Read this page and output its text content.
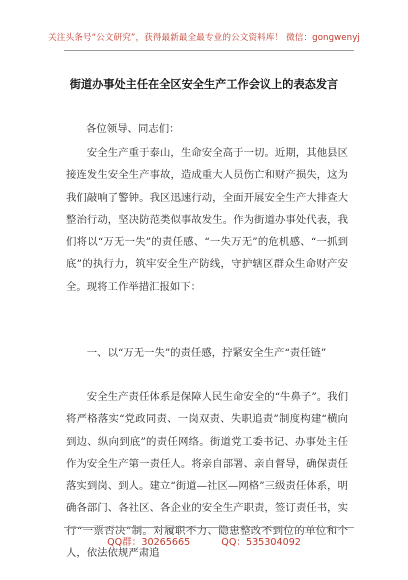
关注头条号“公文研究”，获得最新最全最专业的公文资料库！ 微信：gongwenyj
街道办事处主任在全区安全生产工作会议上的表态发言
各位领导、同志们：

安全生产重于泰山，生命安全高于一切。近期，其他县区接连发生安全生产事故，造成重大人员伤亡和财产损失，这为我们敲响了警钟。我区迅速行动，全面开展安全生产大排查大整治行动，坚决防范类似事故发生。作为街道办事处代表，我们将以“万无一失”的责任感、“一失万无”的危机感、“一抓到底”的执行力，筑牢安全生产防线，守护辖区群众生命财产安全。现将工作举措汇报如下：

一、以“万无一失”的责任感，拧紧安全生产“责任链”

安全生产责任体系是保障人民生命安全的“牛鼻子”。我们将严格落实“党政同责、一岗双责、失职追责”制度构建“横向到边、纵向到底”的责任网络。街道党工委书记、办事处主任作为安全生产第一责任人。将亲自部署、亲自督导，确保责任落实到岗、到人。建立“街道—社区—网格”三级责任体系，明确各部门、各社区、各企业的安全生产职责，签订责任书，实行“一票否决”制。对履职不力、隐患整改不到位的单位和个人，依法依规严肃追

QQ群：30265665	QQ：535304092
